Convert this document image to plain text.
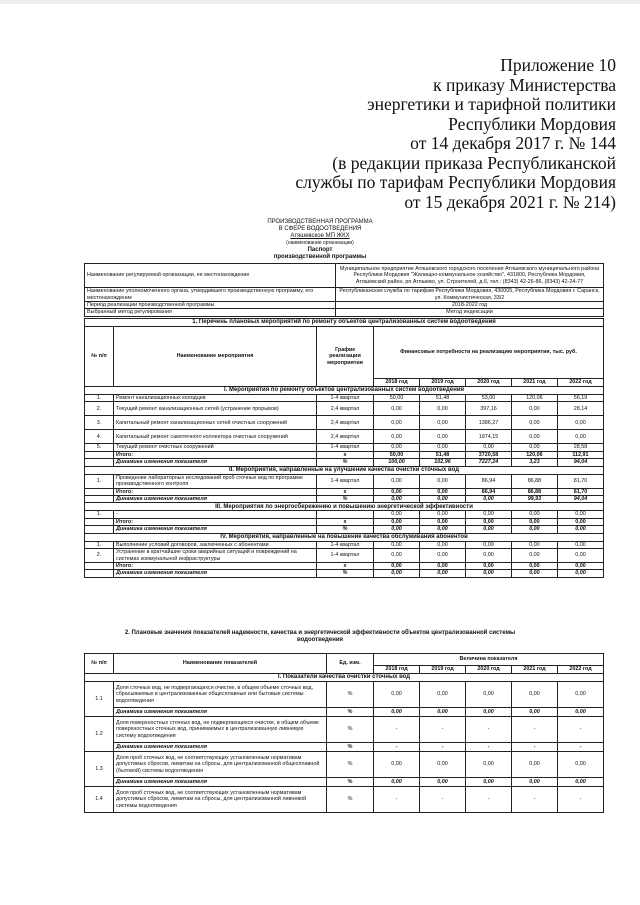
Приложение 10
к приказу Министерства
энергетики и тарифной политики
Республики Мордовия
от 14 декабря 2017 г. № 144
(в редакции приказа Республиканской
службы по тарифам Республики Мордовия
от 15 декабря 2021 г. № 214)
ПРОИЗВОДСТВЕННАЯ ПРОГРАММА
В СФЕРЕ ВОДООТВЕДЕНИЯ
Атяшевское МП ЖКХ
(наименование организации)
Паспорт
производственной программы
Наименование регулируемой организации, ее местонахождение	Муниципальное предприятие Атяшевского городского поселения Атяшевского муниципального района Республики Мордовия "Жилищно-коммунальное хозяйство", 431800, Республика Мордовия, Атяшевский район, рп.Атяшево, ул. Строителей, д.6, тел.: (8343) 42-26-86, (8343) 42-24-77
Наименование уполномоченного органа, утвердившего производственную программу, его местонахождение	Республиканская служба по тарифам Республики Мордовия, 430005, Республика Мордовия г. Саранск, ул. Коммунистическая, 33/2
Период реализации производственной программы	2018-2022 год
Выбранный метод регулирования	Метод индексации
1. Перечень плановых мероприятий по ремонту объектов централизованных систем водоотведения							
№ п/п	Наименование мероприятия	График реализации мероприятия	Финансовые потребности на реализацию мероприятия, тыс. руб.				
			2018 год	2019 год	2020 год	2021 год	2022 год
I. Мероприятия по ремонту объектов централизованных систем водоотведения							
1.	Ремонт канализационных колодцев	1-4 квартал	50,00	51,48	53,00	120,06	56,19
2.	Текущий ремонт канализационных сетей (устранение прорывов)	2,4 квартал	0,00	0,00	397,16	0,00	28,14
3.	Капитальный ремонт канализационных сетей очистных сооружений	2,4 квартал	0,00	0,00	1386,27	0,00	0,00
4.	Капитальный ремонт самотечного коллектора очистных сооружений	2,4 квартал	0,00	0,00	1974,15	0,00	0,00
5.	Текущий ремонт очистных сооружений	1-4 квартал	0,00	0,00	0,00	0,00	28,58
	Итого:	x	50,00	51,48	3720,58	120,06	112,91
	Динамика изменения показателя	%	100,00	102,96	7227,24	3,23	94,04
II. Мероприятия, направленные на улучшение качества очистки сточных вод							
1.	Проведение лабораторных исследований проб сточных вод по программе производственного контроля	1-4 квартал	0,00	0,00	86,94	86,88	81,70
	Итого:	x	0,00	0,00	86,94	86,88	81,70
	Динамика изменения показателя	%	0,00	0,00	0,00	99,93	94,04
III. Мероприятия по энергосбережению и повышению энергетической эффективности							
1.	-		0,00	0,00	0,00	0,00	0,00
	Итого:	x	0,00	0,00	0,00	0,00	0,00
	Динамика изменения показателя	%	0,00	0,00	0,00	0,00	0,00
IV. Мероприятия, направленные на повышение качества обслуживания абонентов							
1.	Выполнение условий договоров, заключенных с абонентами	1-4 квартал	0,00	0,00	0,00	0,00	0,00
2.	Устранение в кратчайшие сроки аварийных ситуаций и повреждений на системах коммунальной инфраструктуры	1-4 квартал	0,00	0,00	0,00	0,00	0,00
	Итого:	x	0,00	0,00	0,00	0,00	0,00
	Динамика изменения показателя	%	0,00	0,00	0,00	0,00	0,00
2. Плановые значения показателей надежности, качества и энергетической эффективности объектов централизованной системы
водоотведения
№ п/п	Наименование показателей	Ед. изм.	Величина показателя				
			2018 год	2019 год	2020 год	2021 год	2022 год
I. Показатели качества очистки сточных вод							
1.1	Доля сточных вод, не подвергающихся очистке, в общем объеме сточных вод, сбрасываемых в централизованные общесплавные или бытовые системы водоотведения	%	0,00	0,00	0,00	0,00	0,00
	Динамика изменения показателя	%	0,00	0,00	0,00	0,00	0,00
1.2	Доля поверхностных сточных вод, не подвергающихся очистке, в общем объеме поверхностных сточных вод, принимаемых в централизованную ливневую систему водоотведения	%	-	-	-	-	-
	Динамика изменения показателя	%	-	-	-	-	-
1.3	Доля проб сточных вод, не соответствующих установленным нормативам допустимых сбросов, лимитам на сбросы, для централизованной общесплавной (бытовой) системы водоотведения	%	0,00	0,00	0,00	0,00	0,00
	Динамика изменения показателя	%	0,00	0,00	0,00	0,00	0,00
1.4	Доля проб сточных вод, не соответствующих установленным нормативам допустимых сбросов, лимитам на сбросы, для централизованной ливневой системы водоотведения	%	-	-	-	-	-
